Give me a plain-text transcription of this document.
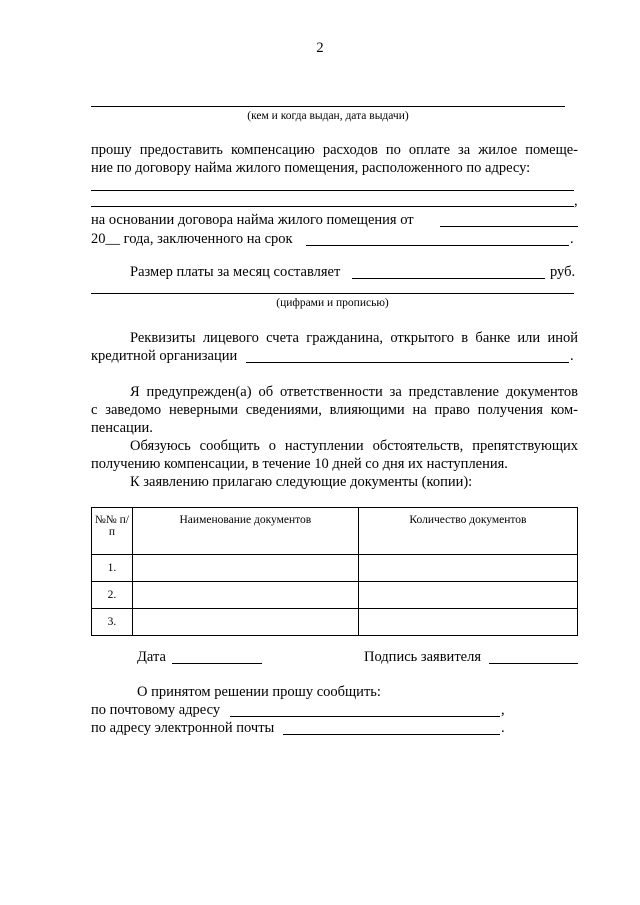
2
(кем и когда выдан, дата выдачи)
прошу предоставить компенсацию расходов по оплате за жилое помеще-
ние по договору найма жилого помещения, расположенного по адресу:
,
на основании договора найма жилого помещения от
20__ года, заключенного на срок	.
Размер платы за месяц составляет	руб.
(цифрами и прописью)
Реквизиты лицевого счета гражданина, открытого в банке или иной
кредитной организации	.
Я предупрежден(а) об ответственности за представление документов
с заведомо неверными сведениями, влияющими на право получения ком-
пенсации.
Обязуюсь сообщить о наступлении обстоятельств, препятствующих
получению компенсации, в течение 10 дней со дня их наступления.
К заявлению прилагаю следующие документы (копии):
№№ п/п	Наименование документов	Количество документов
1.		
2.		
3.		
Дата	Подпись заявителя
О принятом решении прошу сообщить:
по почтовому адресу	,
по адресу электронной почты	.
